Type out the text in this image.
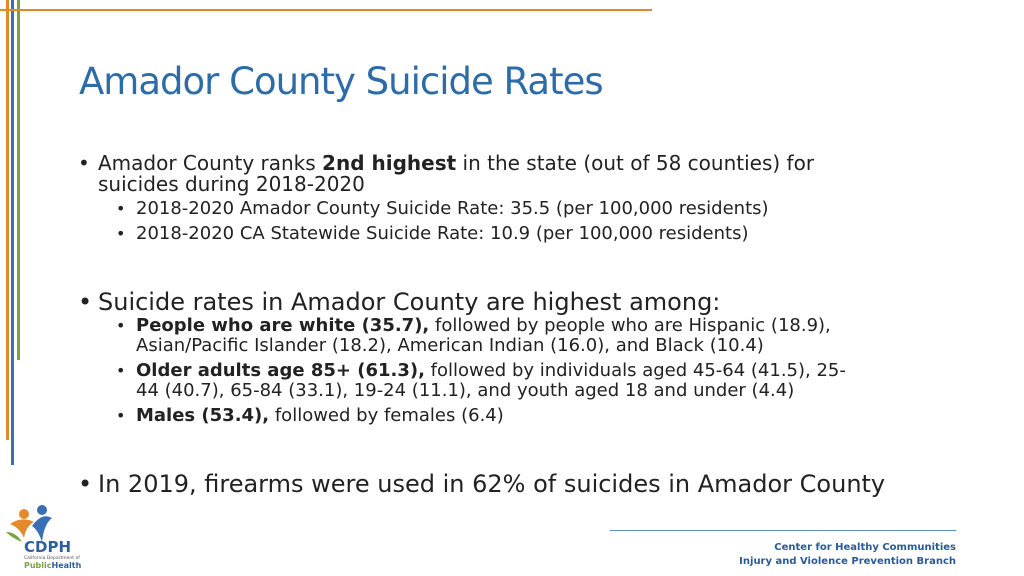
Amador County Suicide Rates
• Amador County ranks 2nd highest in the state (out of 58 counties) for
suicides during 2018-2020
• 2018-2020 Amador County Suicide Rate: 35.5 (per 100,000 residents)
• 2018-2020 CA Statewide Suicide Rate: 10.9 (per 100,000 residents)
• Suicide rates in Amador County are highest among:
• People who are white (35.7), followed by people who are Hispanic (18.9),
Asian/Pacific Islander (18.2), American Indian (16.0), and Black (10.4)
• Older adults age 85+ (61.3), followed by individuals aged 45-64 (41.5), 25-
44 (40.7), 65-84 (33.1), 19-24 (11.1), and youth aged 18 and under (4.4)
• Males (53.4), followed by females (6.4)
• In 2019, firearms were used in 62% of suicides in Amador County
CDPH
California Department of
PublicHealth
Center for Healthy Communities
Injury and Violence Prevention Branch
